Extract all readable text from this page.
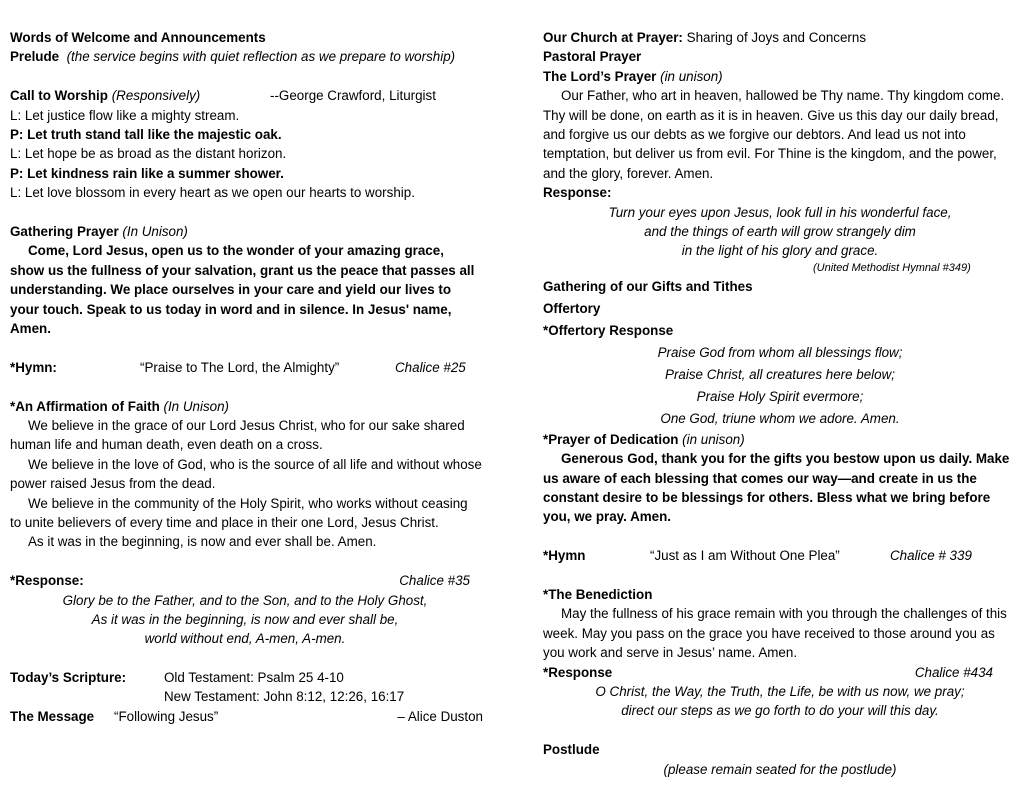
Words of Welcome and Announcements
Prelude (the service begins with quiet reflection as we prepare to worship)
Call to Worship (Responsively)	--George Crawford, Liturgist
L: Let justice flow like a mighty stream.
P: Let truth stand tall like the majestic oak.
L: Let hope be as broad as the distant horizon.
P: Let kindness rain like a summer shower.
L: Let love blossom in every heart as we open our hearts to worship.
Gathering Prayer (In Unison)

Come, Lord Jesus, open us to the wonder of your amazing grace, show us the fullness of your salvation, grant us the peace that passes all understanding. We place ourselves in your care and yield our lives to your touch. Speak to us today in word and in silence. In Jesus' name, Amen.

*Hymn:	“Praise to The Lord, the Almighty”	Chalice #25
*An Affirmation of Faith (In Unison)

We believe in the grace of our Lord Jesus Christ, who for our sake shared human life and human death, even death on a cross.

We believe in the love of God, who is the source of all life and without whose power raised Jesus from the dead.

We believe in the community of the Holy Spirit, who works without ceasing to unite believers of every time and place in their one Lord, Jesus Christ.

As it was in the beginning, is now and ever shall be. Amen.

*Response:	Chalice #35
Glory be to the Father, and to the Son, and to the Holy Ghost,
As it was in the beginning, is now and ever shall be,
world without end, A-men, A-men.
Today’s Scripture:	Old Testament: Psalm 25 4-10
New Testament: John 8:12, 12:26, 16:17
The Message “Following Jesus”	– Alice Duston
Our Church at Prayer: Sharing of Joys and Concerns
Pastoral Prayer
The Lord’s Prayer (in unison)

Our Father, who art in heaven, hallowed be Thy name. Thy kingdom come. Thy will be done, on earth as it is in heaven. Give us this day our daily bread, and forgive us our debts as we forgive our debtors. And lead us not into temptation, but deliver us from evil. For Thine is the kingdom, and the power, and the glory, forever. Amen.

Response:
Turn your eyes upon Jesus, look full in his wonderful face,
and the things of earth will grow strangely dim
in the light of his glory and grace.
(United Methodist Hymnal #349)
Gathering of our Gifts and Tithes
Offertory
*Offertory Response
Praise God from whom all blessings flow;
Praise Christ, all creatures here below;
Praise Holy Spirit evermore;
One God, triune whom we adore. Amen.
*Prayer of Dedication (in unison)

Generous God, thank you for the gifts you bestow upon us daily. Make us aware of each blessing that comes our way—and create in us the constant desire to be blessings for others. Bless what we bring before you, we pray. Amen.

*Hymn	“Just as I am Without One Plea”	Chalice # 339
*The Benediction

May the fullness of his grace remain with you through the challenges of this week. May you pass on the grace you have received to those around you as you work and serve in Jesus’ name. Amen.

*Response	Chalice #434
O Christ, the Way, the Truth, the Life, be with us now, we pray;
direct our steps as we go forth to do your will this day.
Postlude
(please remain seated for the postlude)
